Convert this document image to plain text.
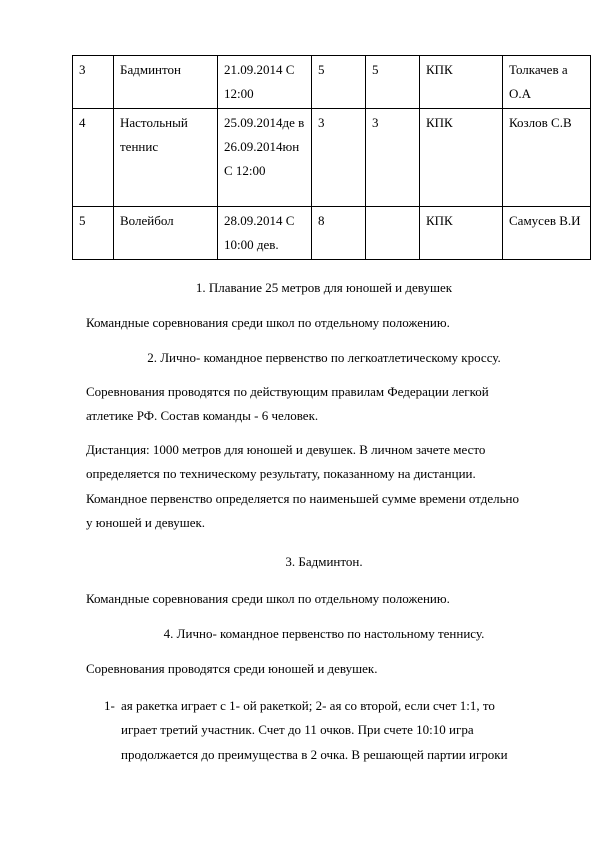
3	Бадминтон	21.09.2014 С 12:00	5	5	КПК	Толкачев а О.А
4	Настольный теннис	25.09.2014де в 26.09.2014юн С 12:00	3	3	КПК	Козлов С.В
5	Волейбол	28.09.2014 С 10:00 дев.	8		КПК	Самусев В.И
1. Плавание 25 метров для юношей и девушек
Командные соревнования среди школ по отдельному положению.
2. Лично- командное первенство по легкоатлетическому кроссу.
Соревнования проводятся по действующим правилам Федерации легкой
атлетике РФ. Состав команды - 6 человек.
Дистанция: 1000 метров для юношей и девушек. В личном зачете место
определяется по техническому результату, показанному на дистанции.
Командное первенство определяется по наименьшей сумме времени отдельно
у юношей и девушек.
3. Бадминтон.
Командные соревнования среди школ по отдельному положению.
4. Лично- командное первенство по настольному теннису.
Соревнования проводятся среди юношей и девушек.
1- ая ракетка играет с 1- ой ракеткой; 2- ая со второй, если счет 1:1, то
играет третий участник. Счет до 11 очков. При счете 10:10 игра
продолжается до преимущества в 2 очка. В решающей партии игроки
